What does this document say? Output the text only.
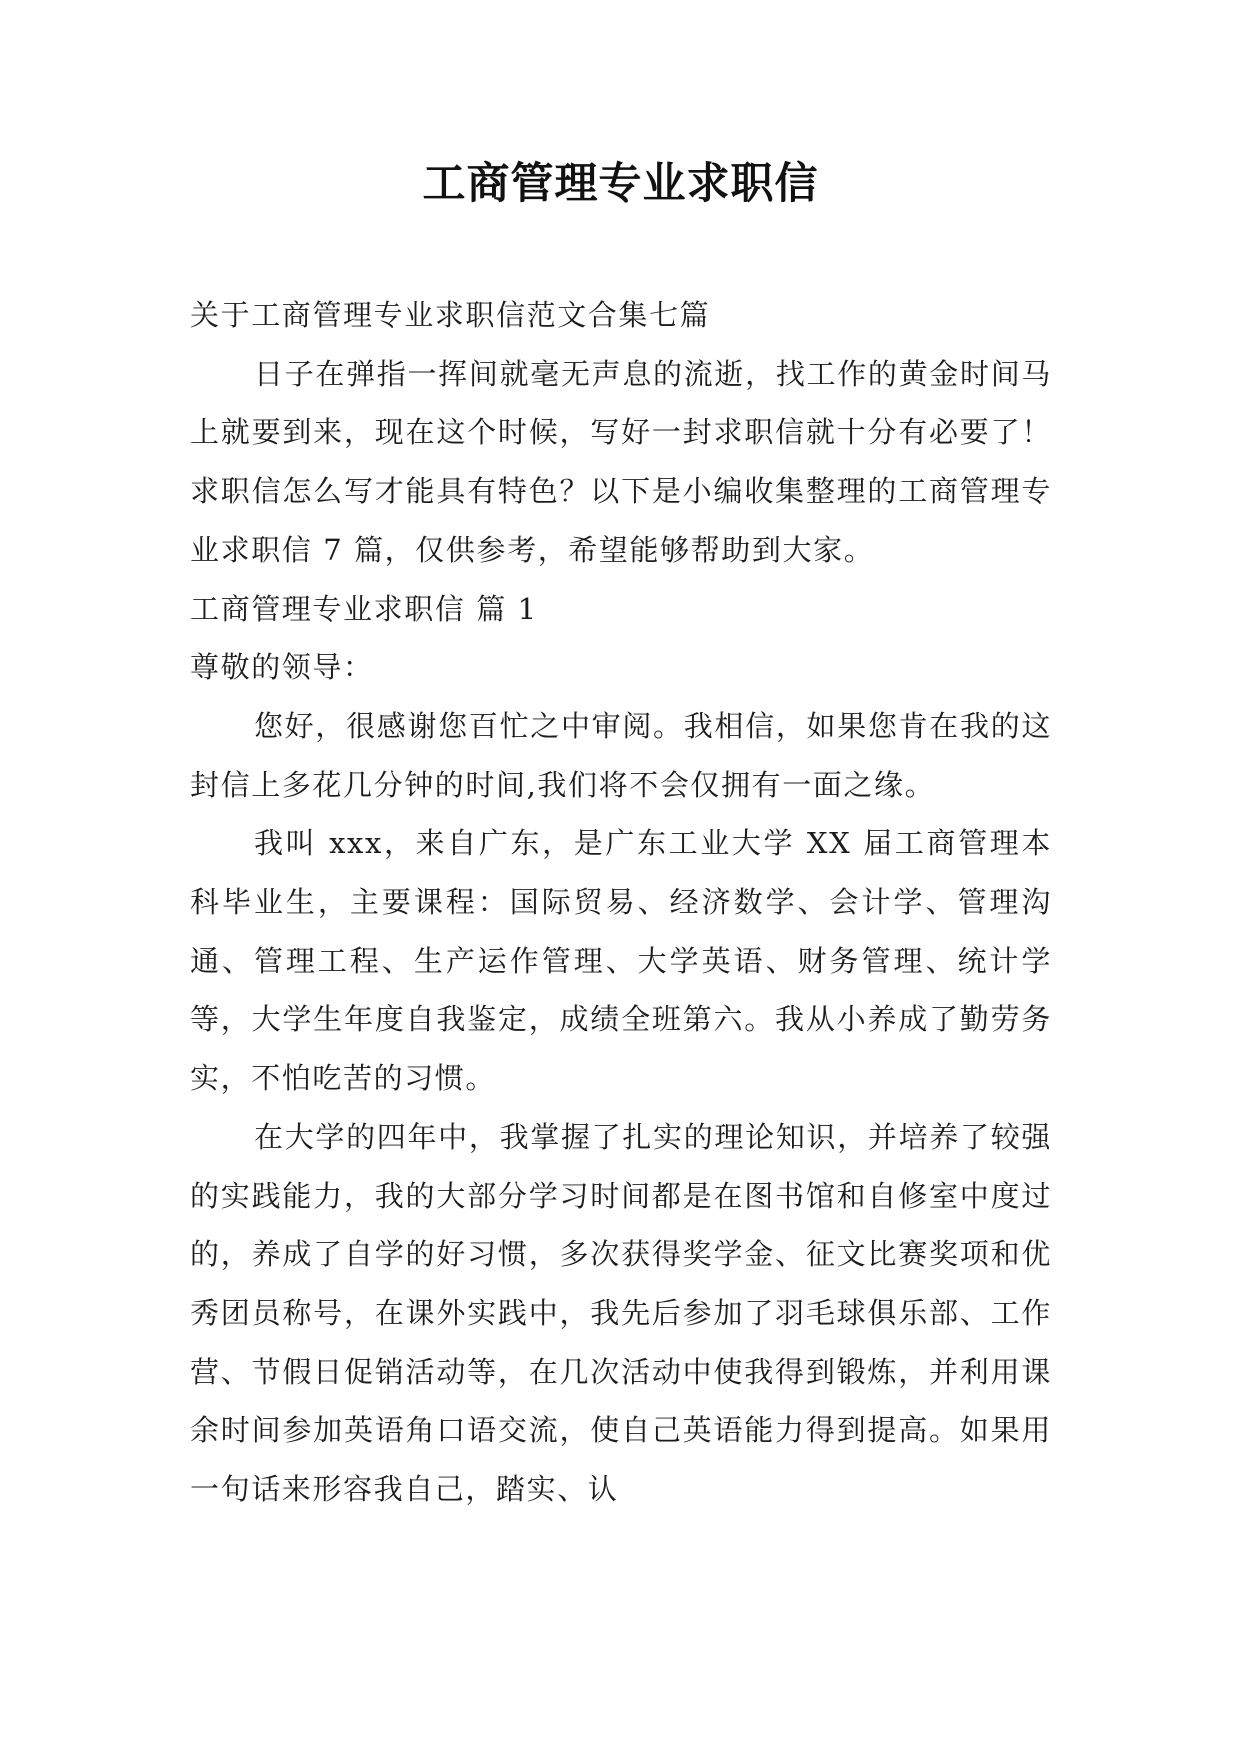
工商管理专业求职信

关于工商管理专业求职信范文合集七篇

日子在弹指一挥间就毫无声息的流逝，找工作的黄金时间马上就要到来，现在这个时候，写好一封求职信就十分有必要了！求职信怎么写才能具有特色？以下是小编收集整理的工商管理专业求职信 7 篇，仅供参考，希望能够帮助到大家。

工商管理专业求职信 篇 1

尊敬的领导：

您好，很感谢您百忙之中审阅。我相信，如果您肯在我的这封信上多花几分钟的时间,我们将不会仅拥有一面之缘。

我叫 xxx，来自广东，是广东工业大学 XX 届工商管理本科毕业生，主要课程：国际贸易、经济数学、会计学、管理沟通、管理工程、生产运作管理、大学英语、财务管理、统计学等，大学生年度自我鉴定，成绩全班第六。我从小养成了勤劳务实，不怕吃苦的习惯。

在大学的四年中，我掌握了扎实的理论知识，并培养了较强的实践能力，我的大部分学习时间都是在图书馆和自修室中度过的，养成了自学的好习惯，多次获得奖学金、征文比赛奖项和优秀团员称号，在课外实践中，我先后参加了羽毛球俱乐部、工作营、节假日促销活动等，在几次活动中使我得到锻炼，并利用课余时间参加英语角口语交流，使自己英语能力得到提高。如果用一句话来形容我自己，踏实、认
